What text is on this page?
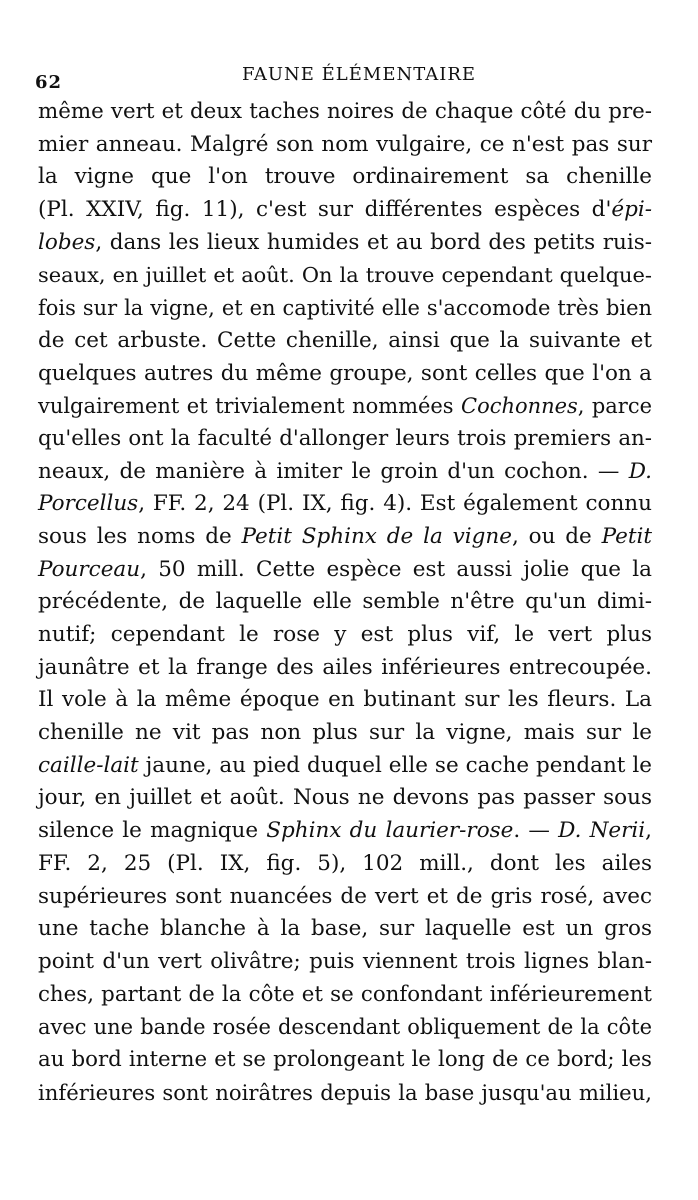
62	FAUNE ÉLÉMENTAIRE
même vert et deux taches noires de chaque côté du pre-
mier anneau. Malgré son nom vulgaire, ce n'est pas sur
la vigne que l'on trouve ordinairement sa chenille
(Pl. XXIV, fig. 11), c'est sur différentes espèces d'épi-
lobes, dans les lieux humides et au bord des petits ruis-
seaux, en juillet et août. On la trouve cependant quelque-
fois sur la vigne, et en captivité elle s'accomode très bien
de cet arbuste. Cette chenille, ainsi que la suivante et
quelques autres du même groupe, sont celles que l'on a
vulgairement et trivialement nommées Cochonnes, parce
qu'elles ont la faculté d'allonger leurs trois premiers an-
neaux, de manière à imiter le groin d'un cochon. — D.
Porcellus, FF. 2, 24 (Pl. IX, fig. 4). Est également connu
sous les noms de Petit Sphinx de la vigne, ou de Petit
Pourceau, 50 mill. Cette espèce est aussi jolie que la
précédente, de laquelle elle semble n'être qu'un dimi-
nutif; cependant le rose y est plus vif, le vert plus
jaunâtre et la frange des ailes inférieures entrecoupée.
Il vole à la même époque en butinant sur les fleurs. La
chenille ne vit pas non plus sur la vigne, mais sur le
caille-lait jaune, au pied duquel elle se cache pendant le
jour, en juillet et août. Nous ne devons pas passer sous
silence le magnique Sphinx du laurier-rose. — D. Nerii,
FF. 2, 25 (Pl. IX, fig. 5), 102 mill., dont les ailes
supérieures sont nuancées de vert et de gris rosé, avec
une tache blanche à la base, sur laquelle est un gros
point d'un vert olivâtre; puis viennent trois lignes blan-
ches, partant de la côte et se confondant inférieurement
avec une bande rosée descendant obliquement de la côte
au bord interne et se prolongeant le long de ce bord; les
inférieures sont noirâtres depuis la base jusqu'au milieu,
